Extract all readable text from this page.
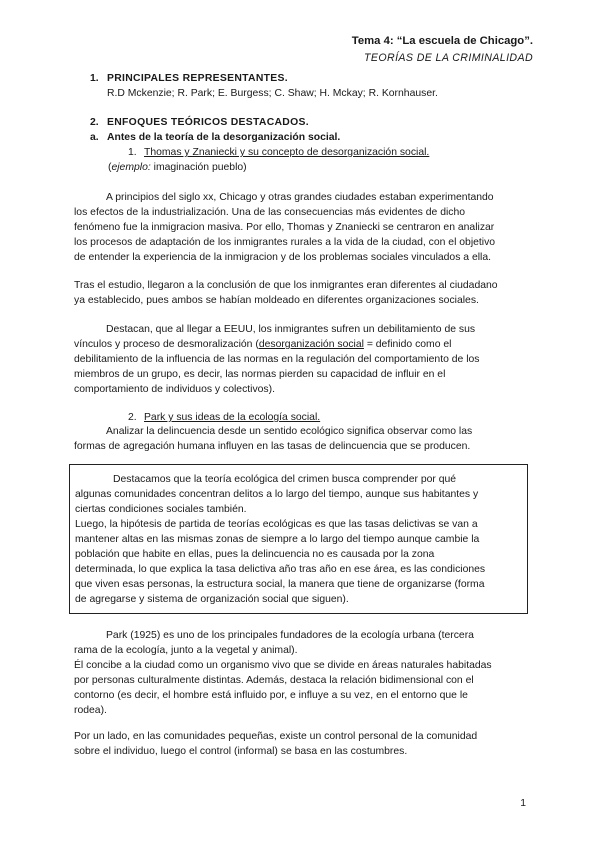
Tema 4: “La escuela de Chicago”.
TEORÍAS DE LA CRIMINALIDAD
1. PRINCIPALES REPRESENTANTES.
R.D Mckenzie; R. Park; E. Burgess; C. Shaw; H. Mckay; R. Kornhauser.
2. ENFOQUES TEÓRICOS DESTACADOS.
a. Antes de la teoría de la desorganización social.
1. Thomas y Znaniecki y su concepto de desorganización social.
(ejemplo: imaginación pueblo)
A principios del siglo xx, Chicago y otras grandes ciudades estaban experimentando
los efectos de la industrialización. Una de las consecuencias más evidentes de dicho
fenómeno fue la inmigracion masiva. Por ello, Thomas y Znaniecki se centraron en analizar
los procesos de adaptación de los inmigrantes rurales a la vida de la ciudad, con el objetivo
de entender la experiencia de la inmigracion y de los problemas sociales vinculados a ella.
Tras el estudio, llegaron a la conclusión de que los inmigrantes eran diferentes al ciudadano
ya establecido, pues ambos se habían moldeado en diferentes organizaciones sociales.
Destacan, que al llegar a EEUU, los inmigrantes sufren un debilitamiento de sus
vínculos y proceso de desmoralización (desorganización social = definido como el
debilitamiento de la influencia de las normas en la regulación del comportamiento de los
miembros de un grupo, es decir, las normas pierden su capacidad de influir en el
comportamiento de individuos y colectivos).
2. Park y sus ideas de la ecología social.
Analizar la delincuencia desde un sentido ecológico significa observar como las
formas de agregación humana influyen en las tasas de delincuencia que se producen.
Destacamos que la teoría ecológica del crimen busca comprender por qué
algunas comunidades concentran delitos a lo largo del tiempo, aunque sus habitantes y
ciertas condiciones sociales también.
Luego, la hipótesis de partida de teorías ecológicas es que las tasas delictivas se van a
mantener altas en las mismas zonas de siempre a lo largo del tiempo aunque cambie la
población que habite en ellas, pues la delincuencia no es causada por la zona
determinada, lo que explica la tasa delictiva año tras año en ese área, es las condiciones
que viven esas personas, la estructura social, la manera que tiene de organizarse (forma
de agregarse y sistema de organización social que siguen).
Park (1925) es uno de los principales fundadores de la ecología urbana (tercera
rama de la ecología, junto a la vegetal y animal).
Él concibe a la ciudad como un organismo vivo que se divide en áreas naturales habitadas
por personas culturalmente distintas. Además, destaca la relación bidimensional con el
contorno (es decir, el hombre está influido por, e influye a su vez, en el entorno que le
rodea).
Por un lado, en las comunidades pequeñas, existe un control personal de la comunidad
sobre el individuo, luego el control (informal) se basa en las costumbres.
1
